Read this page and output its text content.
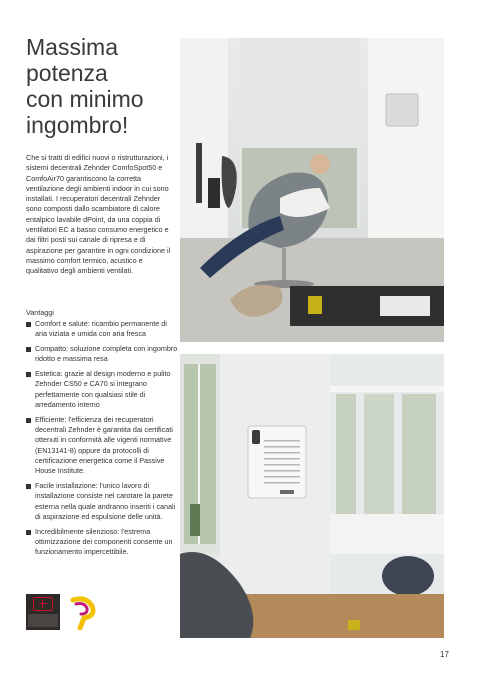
Massima
potenza
con minimo
ingombro!

Che si tratti di edifici nuovi o ristrutturazioni, i sistemi decentrali Zehnder ComfoSpot50 e ComfoAir70 garantiscono la corretta ventilazione degli ambienti indoor in cui sono installati. I recuperatori decentrali Zehnder sono composti dallo scambiatore di calore entalpico lavabile dPoint, da una coppia di ventilatori EC a basso consumo energetico e dai filtri posti sui canale di ripresa e di aspirazione per garantire in ogni condizione il massimo comfort termico, acustico e qualitativo degli ambienti ventilati.

Vantaggi
Comfort e salute: ricambio permanente di aria viziata e umida con aria fresca
Compatto: soluzione completa con ingombro ridotto e massima resa
Estetica: grazie al design moderno e pulito Zehnder CS50 e CA70 si integrano perfettamente con qualsiasi stile di arredamento interno
Efficiente: l'efficienza dei recuperatori decentrali Zehnder è garantita dai certificati ottenuti in conformità alle vigenti normative (EN13141-8) oppure da protocolli di certificazione energetica come il Passive House Institute.
Facile installazione: l'unico lavoro di installazione consiste nel carotare la parete esterna nella quale andranno inseriti i canali di aspirazione ed espulsione delle unità.
Incredibilmente silenzioso: l'estrema ottimizzazione dei componenti consente un funzionamento impercettibile.
17
